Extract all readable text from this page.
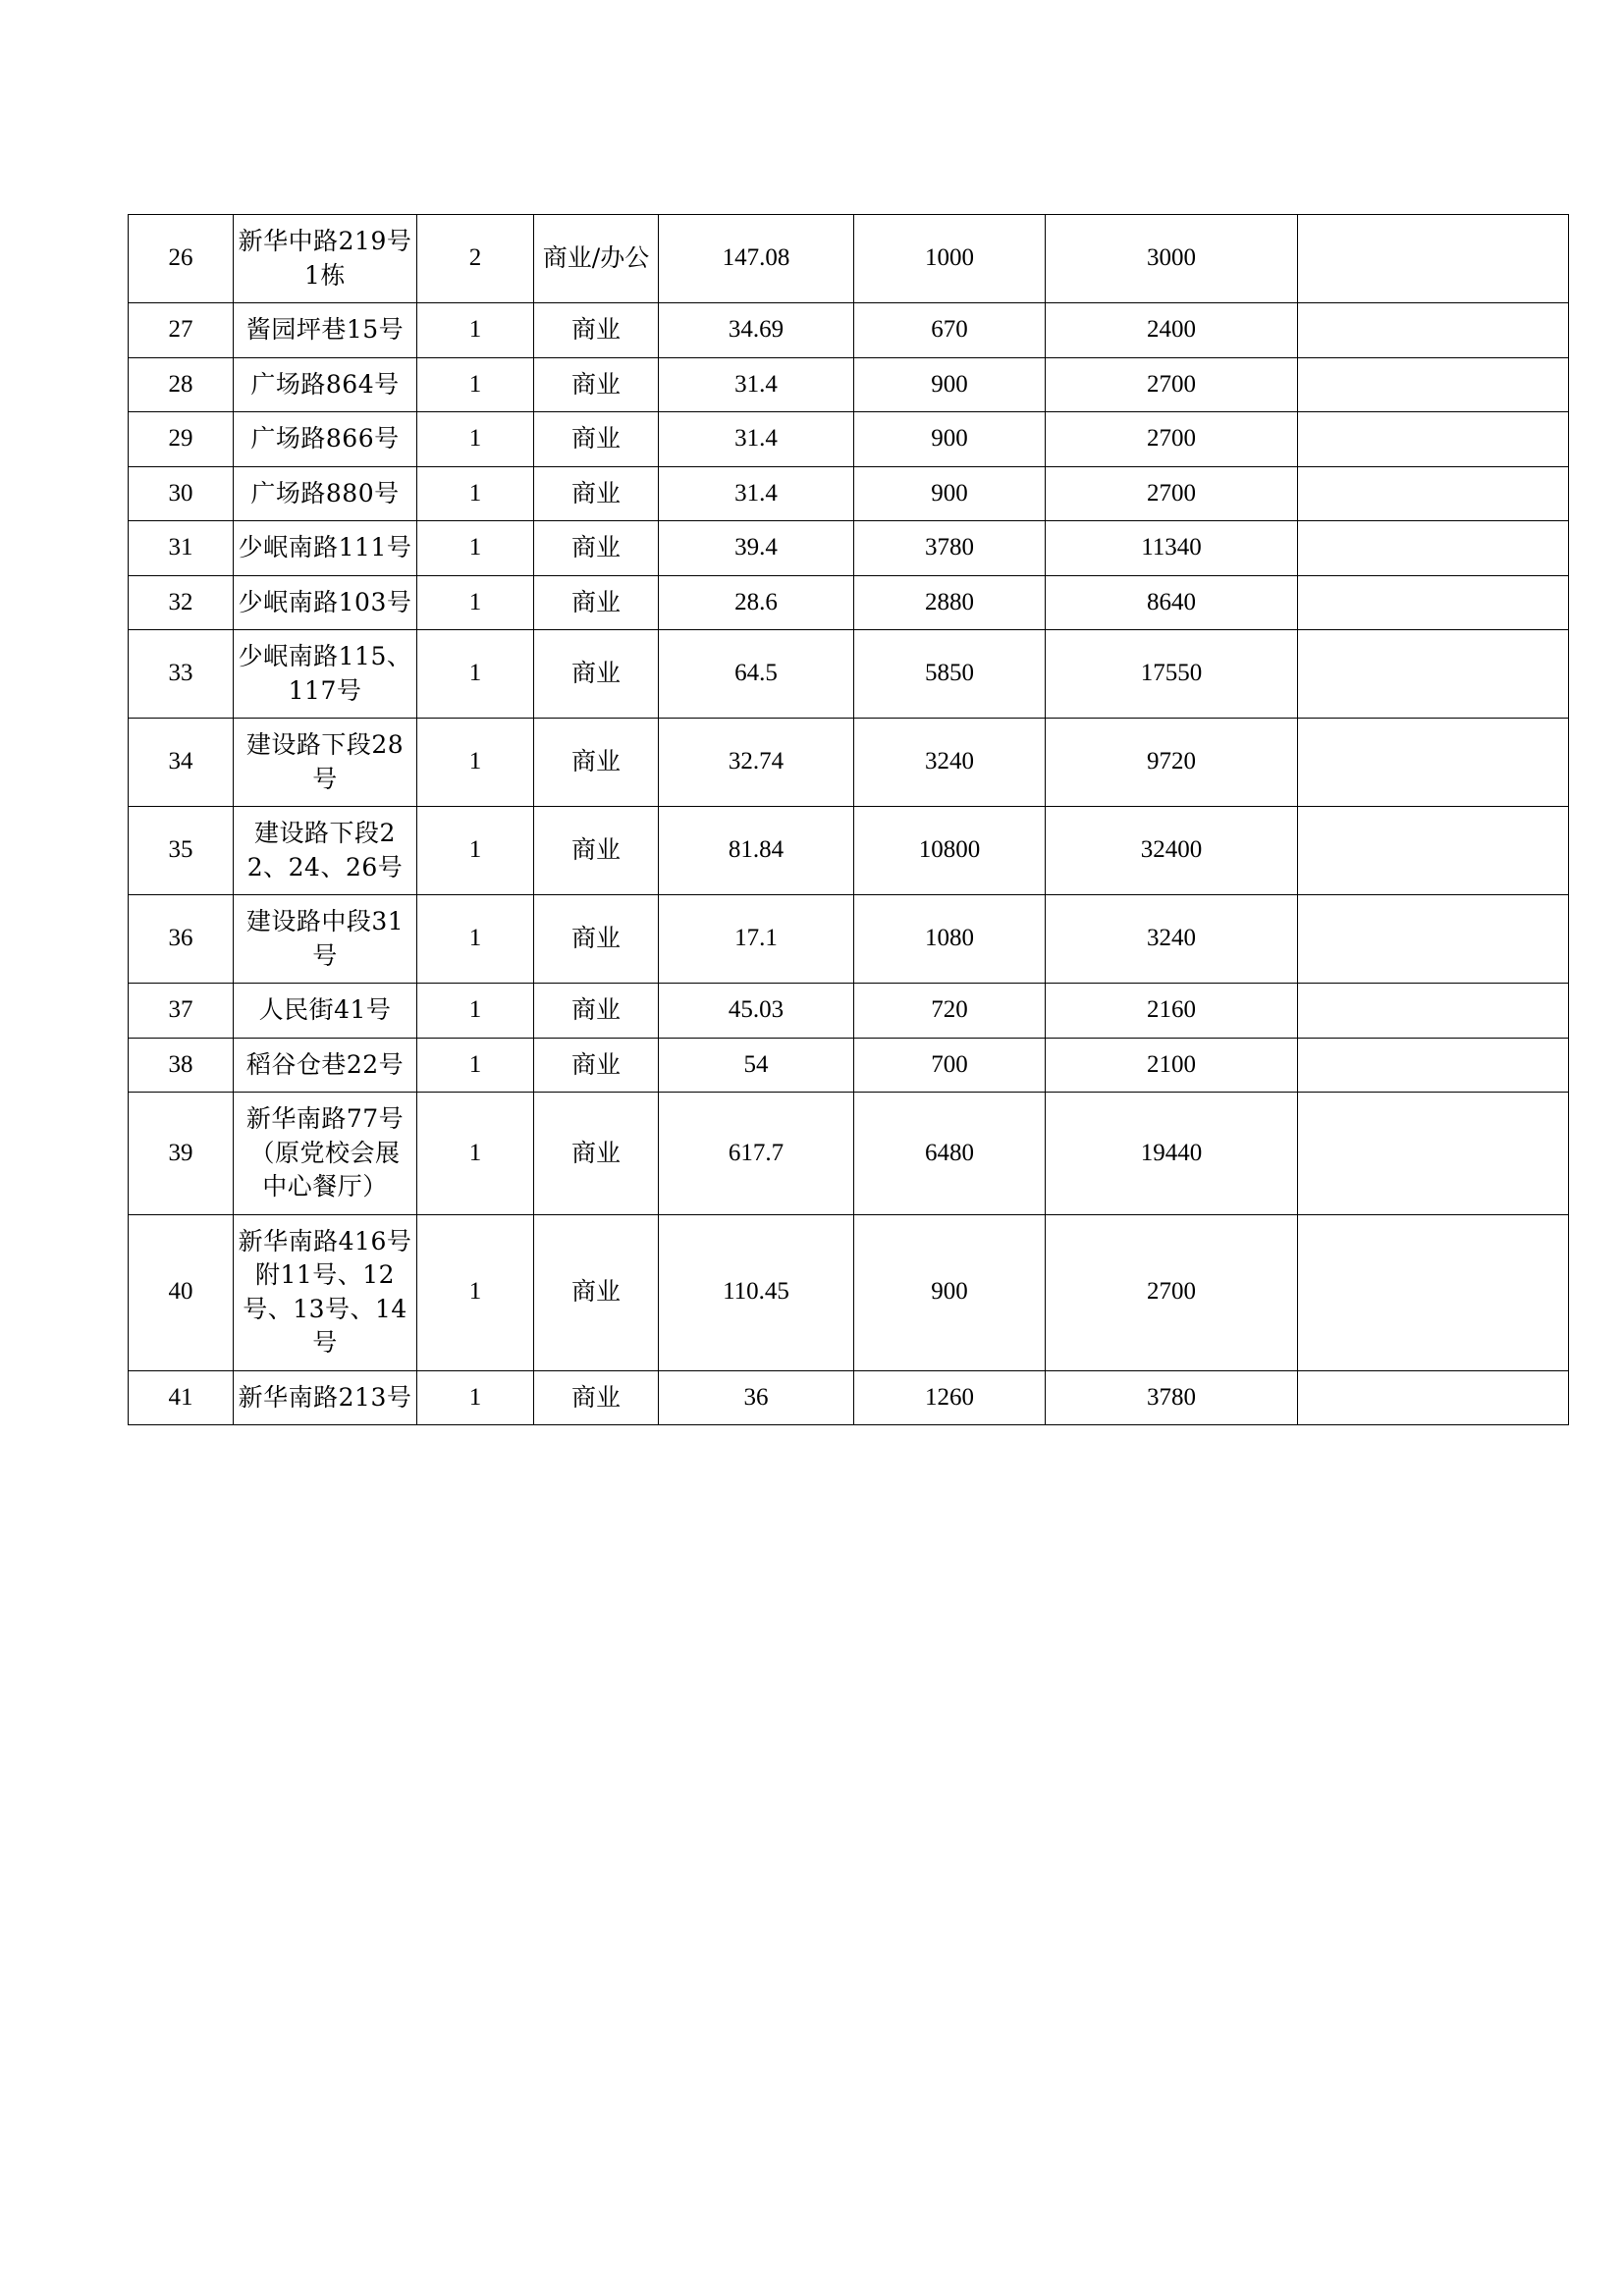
26	新华中路219号1栋	2	商业/办公	147.08	1000	3000	
27	酱园坪巷15号	1	商业	34.69	670	2400	
28	广场路864号	1	商业	31.4	900	2700	
29	广场路866号	1	商业	31.4	900	2700	
30	广场路880号	1	商业	31.4	900	2700	
31	少岷南路111号	1	商业	39.4	3780	11340	
32	少岷南路103号	1	商业	28.6	2880	8640	
33	少岷南路115、117号	1	商业	64.5	5850	17550	
34	建设路下段28号	1	商业	32.74	3240	9720	
35	建设路下段22、24、26号	1	商业	81.84	10800	32400	
36	建设路中段31号	1	商业	17.1	1080	3240	
37	人民街41号	1	商业	45.03	720	2160	
38	稻谷仓巷22号	1	商业	54	700	2100	
39	新华南路77号（原党校会展中心餐厅）	1	商业	617.7	6480	19440	
40	新华南路416号附11号、12号、13号、14号	1	商业	110.45	900	2700	
41	新华南路213号	1	商业	36	1260	3780	
